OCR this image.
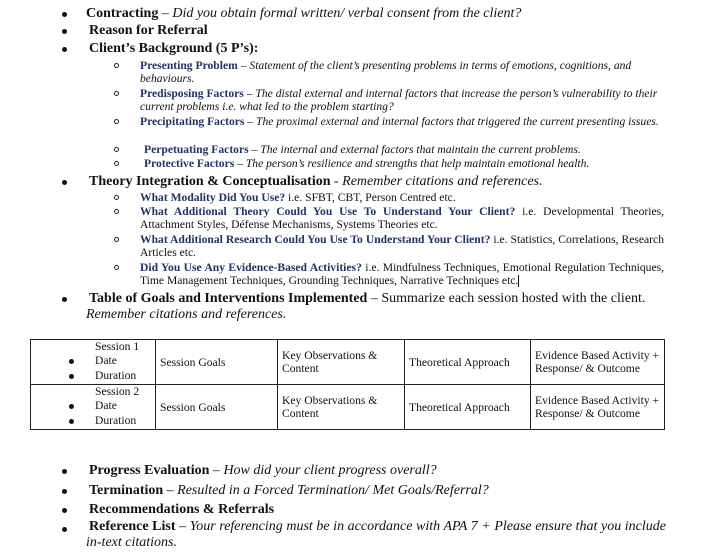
Contracting – Did you obtain formal written/ verbal consent from the client?
Reason for Referral
Client’s Background (5 P’s):
Presenting Problem – Statement of the client’s presenting problems in terms of emotions, cognitions, and behaviours.
Predisposing Factors – The distal external and internal factors that increase the person’s vulnerability to their current problems i.e. what led to the problem starting?
Precipitating Factors – The proximal external and internal factors that triggered the current presenting issues.
Perpetuating Factors – The internal and external factors that maintain the current problems.
Protective Factors – The person’s resilience and strengths that help maintain emotional health.
Theory Integration & Conceptualisation - Remember citations and references.
What Modality Did You Use? i.e. SFBT, CBT, Person Centred etc.
What Additional Theory Could You Use To Understand Your Client? i.e. Developmental Theories, Attachment Styles, Défense Mechanisms, Systems Theories etc.
What Additional Research Could You Use To Understand Your Client? i.e. Statistics, Correlations, Research Articles etc.
Did You Use Any Evidence-Based Activities? i.e. Mindfulness Techniques, Emotional Regulation Techniques, Time Management Techniques, Grounding Techniques, Narrative Techniques etc.
Table of Goals and Interventions Implemented – Summarize each session hosted with the client.
Remember citations and references.
Session 1
Date
Duration	Session Goals	Key Observations & Content	Theoretical Approach	Evidence Based Activity + Response/ & Outcome

Session 2
Date
Duration	Session Goals	Key Observations & Content	Theoretical Approach	Evidence Based Activity + Response/ & Outcome
Progress Evaluation – How did your client progress overall?
Termination – Resulted in a Forced Termination/ Met Goals/Referral?
Recommendations & Referrals
Reference List – Your referencing must be in accordance with APA 7 + Please ensure that you include in-text citations.
